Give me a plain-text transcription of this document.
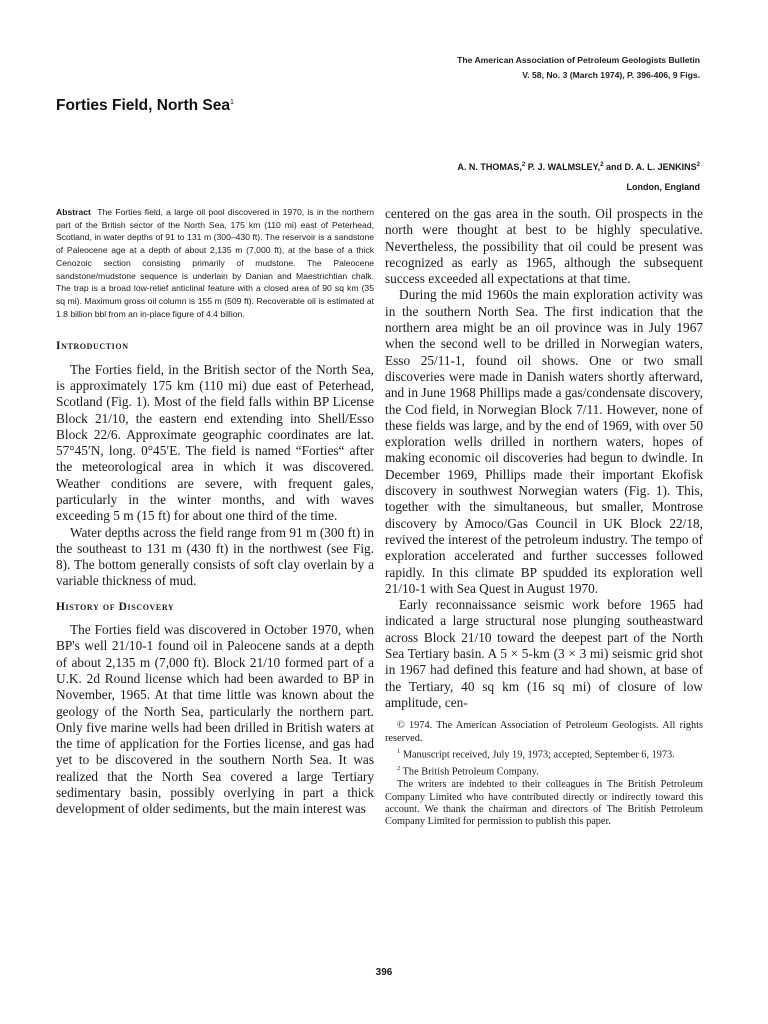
The American Association of Petroleum Geologists Bulletin
V. 58, No. 3 (March 1974), P. 396-406, 9 Figs.
Forties Field, North Sea$^1$
A. N. THOMAS,$^2$ P. J. WALMSLEY,$^2$ and D. A. L. JENKINS$^2$
London, England
Abstract The Forties field, a large oil pool discovered in 1970, is in the northern part of the British sector of the North Sea, 175 km (110 mi) east of Peterhead, Scotland, in water depths of 91 to 131 m (300–430 ft). The reservoir is a sandstone of Paleocene age at a depth of about 2,135 m (7,000 ft), at the base of a thick Cenozoic section consisting primarily of mudstone. The Paleocene sandstone/mudstone sequence is underlain by Danian and Maestrichtian chalk. The trap is a broad low-relief anticlinal feature with a closed area of 90 sq km (35 sq mi). Maximum gross oil column is 155 m (509 ft). Recoverable oil is estimated at 1.8 billion bbl from an in-place figure of 4.4 billion.
Introduction

The Forties field, in the British sector of the North Sea, is approximately 175 km (110 mi) due east of Peterhead, Scotland (Fig. 1). Most of the field falls within BP License Block 21/10, the eastern end extending into Shell/Esso Block 22/6. Approximate geographic coordinates are lat. 57°45′N, long. 0°45′E. The field is named “Forties“ after the meteorological area in which it was discovered. Weather conditions are severe, with frequent gales, particularly in the winter months, and with waves exceeding 5 m (15 ft) for about one third of the time.

Water depths across the field range from 91 m (300 ft) in the southeast to 131 m (430 ft) in the northwest (see Fig. 8). The bottom generally consists of soft clay overlain by a variable thickness of mud.

History of Discovery

The Forties field was discovered in October 1970, when BP's well 21/10-1 found oil in Paleocene sands at a depth of about 2,135 m (7,000 ft). Block 21/10 formed part of a U.K. 2d Round license which had been awarded to BP in November, 1965. At that time little was known about the geology of the North Sea, particularly the northern part. Only five marine wells had been drilled in British waters at the time of application for the Forties license, and gas had yet to be discovered in the southern North Sea. It was realized that the North Sea covered a large Tertiary sedimentary basin, possibly overlying in part a thick development of older sediments, but the main interest was

centered on the gas area in the south. Oil prospects in the north were thought at best to be highly speculative. Nevertheless, the possibility that oil could be present was recognized as early as 1965, although the subsequent success exceeded all expectations at that time.

During the mid 1960s the main exploration activity was in the southern North Sea. The first indication that the northern area might be an oil province was in July 1967 when the second well to be drilled in Norwegian waters, Esso 25/11-1, found oil shows. One or two small discoveries were made in Danish waters shortly afterward, and in June 1968 Phillips made a gas/condensate discovery, the Cod field, in Norwegian Block 7/11. However, none of these fields was large, and by the end of 1969, with over 50 exploration wells drilled in northern waters, hopes of making economic oil discoveries had begun to dwindle. In December 1969, Phillips made their important Ekofisk discovery in southwest Norwegian waters (Fig. 1). This, together with the simultaneous, but smaller, Montrose discovery by Amoco/Gas Council in UK Block 22/18, revived the interest of the petroleum industry. The tempo of exploration accelerated and further successes followed rapidly. In this climate BP spudded its exploration well 21/10-1 with Sea Quest in August 1970.

Early reconnaissance seismic work before 1965 had indicated a large structural nose plunging southeastward across Block 21/10 toward the deepest part of the North Sea Tertiary basin. A 5 × 5-km (3 × 3 mi) seismic grid shot in 1967 had defined this feature and had shown, at base of the Tertiary, 40 sq km (16 sq mi) of closure of low amplitude, cen-

© 1974. The American Association of Petroleum Geologists. All rights reserved.

$^1$ Manuscript received, July 19, 1973; accepted, September 6, 1973.

$^2$ The British Petroleum Company.

The writers are indebted to their colleagues in The British Petroleum Company Limited who have contributed directly or indirectly toward this account. We thank the chairman and directors of The British Petroleum Company Limited for permission to publish this paper.

396
